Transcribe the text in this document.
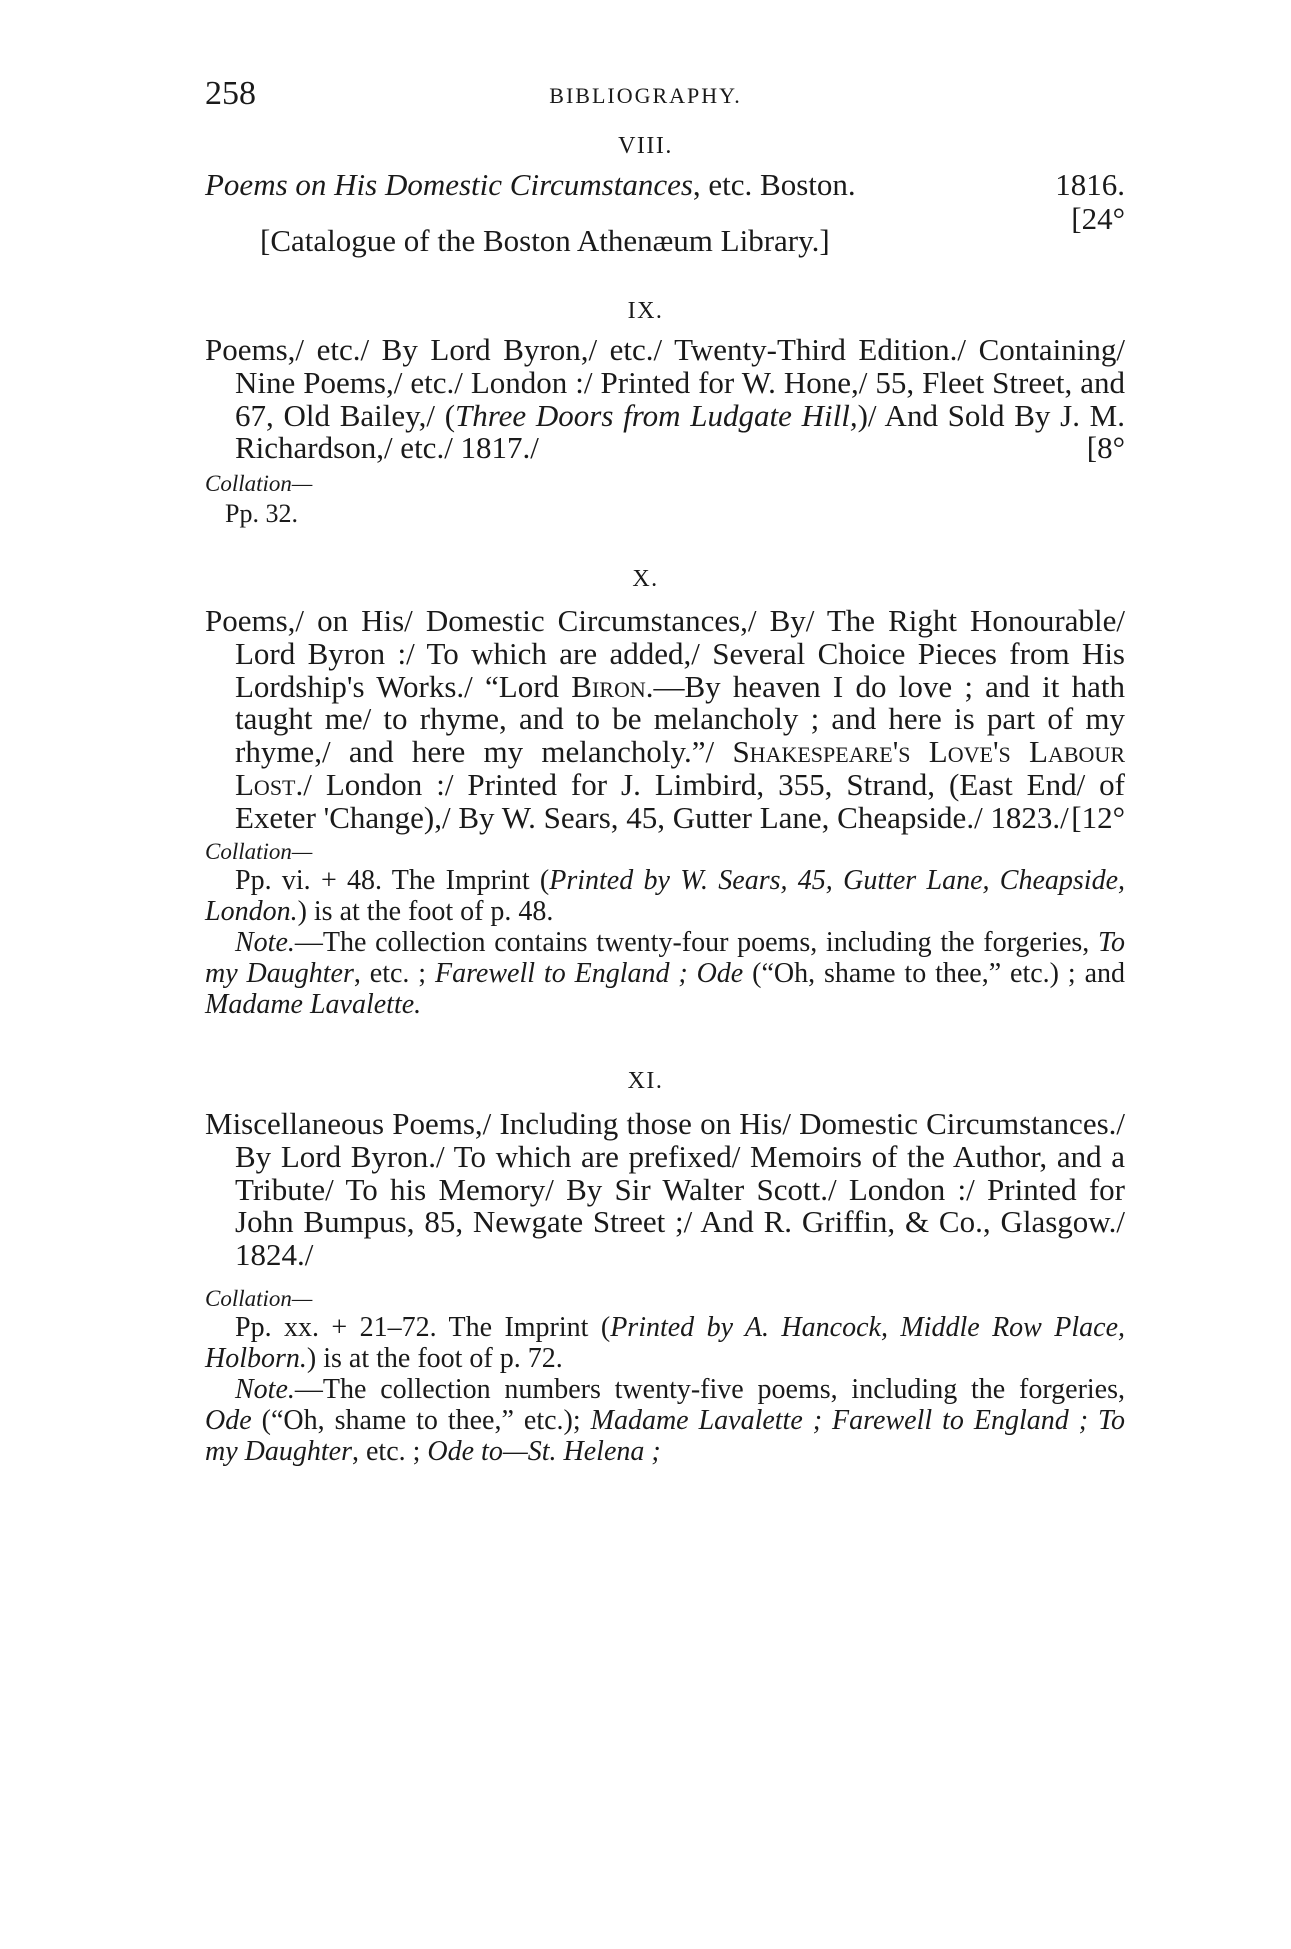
258	BIBLIOGRAPHY.
VIII.
Poems on His Domestic Circumstances, etc. Boston.	1816.
[24°
[Catalogue of the Boston Athenæum Library.]
IX.
Poems,/ etc./ By Lord Byron,/ etc./ Twenty-Third Edition./ Containing/ Nine Poems,/ etc./ London :/ Printed for W. Hone,/ 55, Fleet Street, and 67, Old Bailey,/ (Three Doors from Ludgate Hill,)/ And Sold By J. M. Richardson,/ etc./ 1817./	[8°
Collation—
Pp. 32.
X.
Poems,/ on His/ Domestic Circumstances,/ By/ The Right Honourable/ Lord Byron :/ To which are added,/ Several Choice Pieces from His Lordship's Works./ “Lord Biron.—By heaven I do love ; and it hath taught me/ to rhyme, and to be melancholy ; and here is part of my rhyme,/ and here my melancholy.”/ Shakespeare's Love's Labour Lost./ London :/ Printed for J. Limbird, 355, Strand, (East End/ of Exeter 'Change),/ By W. Sears, 45, Gutter Lane, Cheapside./ 1823./ [12°
Collation—
Pp. vi. + 48. The Imprint (Printed by W. Sears, 45, Gutter Lane, Cheapside, London.) is at the foot of p. 48.
Note.—The collection contains twenty-four poems, including the forgeries, To my Daughter, etc. ; Farewell to England ; Ode (“Oh, shame to thee,” etc.) ; and Madame Lavalette.
XI.
Miscellaneous Poems,/ Including those on His/ Domestic Circumstances./ By Lord Byron./ To which are prefixed/ Memoirs of the Author, and a Tribute/ To his Memory/ By Sir Walter Scott./ London :/ Printed for John Bumpus, 85, Newgate Street ;/ And R. Griffin, & Co., Glasgow./ 1824./
Collation—
Pp. xx. + 21–72. The Imprint (Printed by A. Hancock, Middle Row Place, Holborn.) is at the foot of p. 72.
Note.—The collection numbers twenty-five poems, including the forgeries, Ode (“Oh, shame to thee,” etc.); Madame Lavalette ; Farewell to England ; To my Daughter, etc. ; Ode to—St. Helena ;
